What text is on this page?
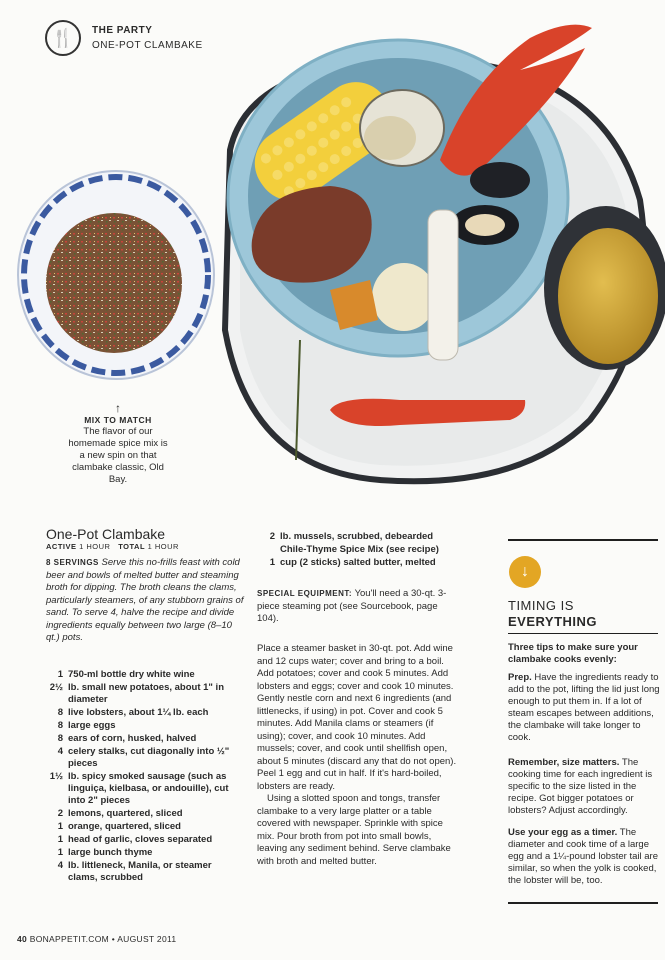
🍴 THE PARTY
ONE-POT CLAMBAKE
↑
MIX TO MATCH
The flavor of our homemade spice mix is a new spin on that clambake classic, Old Bay.
One-Pot Clambake
ACTIVE 1 HOUR TOTAL 1 HOUR
8 SERVINGS Serve this no-frills feast with cold beer and bowls of melted butter and steaming broth for dipping. The broth cleans the clams, particularly steamers, of any stubborn grains of sand. To serve 4, halve the recipe and divide ingredients equally between two large (8–10 qt.) pots.
1 750-ml bottle dry white wine
2½ lb. small new potatoes, about 1" in diameter
8 live lobsters, about 1¼ lb. each
8 large eggs
8 ears of corn, husked, halved
4 celery stalks, cut diagonally into ½" pieces
1½ lb. spicy smoked sausage (such as linguiça, kielbasa, or andouille), cut into 2" pieces
2 lemons, quartered, sliced
1 orange, quartered, sliced
1 head of garlic, cloves separated
1 large bunch thyme
4 lb. littleneck, Manila, or steamer clams, scrubbed
2 lb. mussels, scrubbed, debearded
Chile-Thyme Spice Mix (see recipe)
1 cup (2 sticks) salted butter, melted
SPECIAL EQUIPMENT: You'll need a 30-qt. 3-piece steaming pot (see Sourcebook, page 104).

Place a steamer basket in 30-qt. pot. Add wine and 12 cups water; cover and bring to a boil. Add potatoes; cover and cook 5 minutes. Add lobsters and eggs; cover and cook 10 minutes. Gently nestle corn and next 6 ingredients (and littlenecks, if using) in pot. Cover and cook 5 minutes. Add Manila clams or steamers (if using); cover, and cook 10 minutes. Add mussels; cover, and cook until shellfish open, about 5 minutes (discard any that do not open). Peel 1 egg and cut in half. If it's hard-boiled, lobsters are ready.

Using a slotted spoon and tongs, transfer clambake to a very large platter or a table covered with newspaper. Sprinkle with spice mix. Pour broth from pot into small bowls, leaving any sediment behind. Serve clambake with broth and melted butter.

↓
TIMING IS
EVERYTHING
Three tips to make sure your clambake cooks evenly:
Prep. Have the ingredients ready to add to the pot, lifting the lid just long enough to put them in. If a lot of steam escapes between additions, the clambake will take longer to cook.
Remember, size matters. The cooking time for each ingredient is specific to the size listed in the recipe. Got bigger potatoes or lobsters? Adjust accordingly.
Use your egg as a timer. The diameter and cook time of a large egg and a 1¼-pound lobster tail are similar, so when the yolk is cooked, the lobster will be, too.
40 BONAPPETIT.COM • AUGUST 2011
